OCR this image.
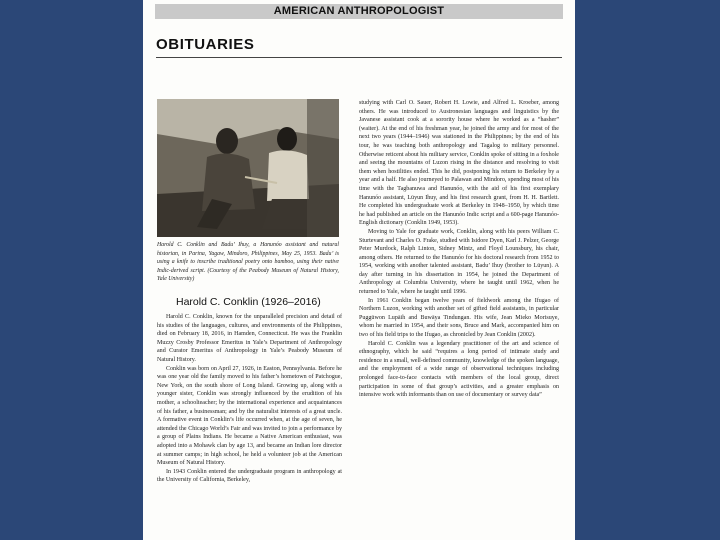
AMERICAN ANTHROPOLOGIST
OBITUARIES
Harold C. Conklin and Badu’ Ihuy, a Hanunóo assistant and natural historian, in Parina, Yagaw, Mindoro, Philippines, May 25, 1953. Badu’ is using a knife to inscribe traditional poetry onto bamboo, using their native Indic-derived script. (Courtesy of the Peabody Museum of Natural History, Yale University)
Harold C. Conklin (1926–2016)

Harold C. Conklin, known for the unparalleled precision and detail of his studies of the languages, cultures, and environments of the Philippines, died on February 18, 2016, in Hamden, Connecticut. He was the Franklin Muzzy Crosby Professor Emeritus in Yale’s Department of Anthropology and Curator Emeritus of Anthropology in Yale’s Peabody Museum of Natural History.

Conklin was born on April 27, 1926, in Easton, Pennsylvania. Before he was one year old the family moved to his father’s hometown of Patchogue, New York, on the south shore of Long Island. Growing up, along with a younger sister, Conklin was strongly influenced by the erudition of his mother, a schoolteacher; by the international experience and acquaintances of his father, a businessman; and by the naturalist interests of a great uncle. A formative event in Conklin’s life occurred when, at the age of seven, he attended the Chicago World’s Fair and was invited to join a performance by a group of Plains Indians. He became a Native American enthusiast, was adopted into a Mohawk clan by age 13, and became an Indian lore director at summer camps; in high school, he held a volunteer job at the American Museum of Natural History.

In 1943 Conklin entered the undergraduate program in anthropology at the University of California, Berkeley,

studying with Carl O. Sauer, Robert H. Lowie, and Alfred L. Kroeber, among others. He was introduced to Austronesian languages and linguistics by the Javanese assistant cook at a sorority house where he worked as a “hasher” (waiter). At the end of his freshman year, he joined the army and for most of the next two years (1944–1946) was stationed in the Philippines; by the end of his tour, he was teaching both anthropology and Tagalog to military personnel. Otherwise reticent about his military service, Conklin spoke of sitting in a foxhole and seeing the mountains of Luzon rising in the distance and resolving to visit them when hostilities ended. This he did, postponing his return to Berkeley by a year and a half. He also journeyed to Palawan and Mindoro, spending most of his time with the Tagbanuwa and Hanunóo, with the aid of his first exemplary Hanunóo assistant, Lūyun Ihuy, and his first research grant, from H. H. Bartlett. He completed his undergraduate work at Berkeley in 1948–1950, by which time he had published an article on the Hanunóo Indic script and a 600-page Hanunóo-English dictionary (Conklin 1949, 1953).

Moving to Yale for graduate work, Conklin, along with his peers William C. Sturtevant and Charles O. Frake, studied with Isidore Dyen, Karl J. Pelzer, George Peter Murdock, Ralph Linton, Sidney Mintz, and Floyd Lounsbury, his chair, among others. He returned to the Hanunóo for his doctoral research from 1952 to 1954, working with another talented assistant, Badu’ Ihuy (brother to Lūyun). A day after turning in his dissertation in 1954, he joined the Department of Anthropology at Columbia University, where he taught until 1962, when he returned to Yale, where he taught until 1996.

In 1961 Conklin began twelve years of fieldwork among the Ifugao of Northern Luzon, working with another set of gifted field assistants, in particular Puggūwon Lupāih and Buwāya Tindungan. His wife, Jean Mieko Morisuye, whom he married in 1954, and their sons, Bruce and Mark, accompanied him on two of his field trips to the Ifugao, as chronicled by Jean Conklin (2002).

Harold C. Conklin was a legendary practitioner of the art and science of ethnography, which he said “requires a long period of intimate study and residence in a small, well-defined community, knowledge of the spoken language, and the employment of a wide range of observational techniques including prolonged face-to-face contacts with members of the local group, direct participation in some of that group’s activities, and a greater emphasis on intensive work with informants than on use of documentary or survey data”
